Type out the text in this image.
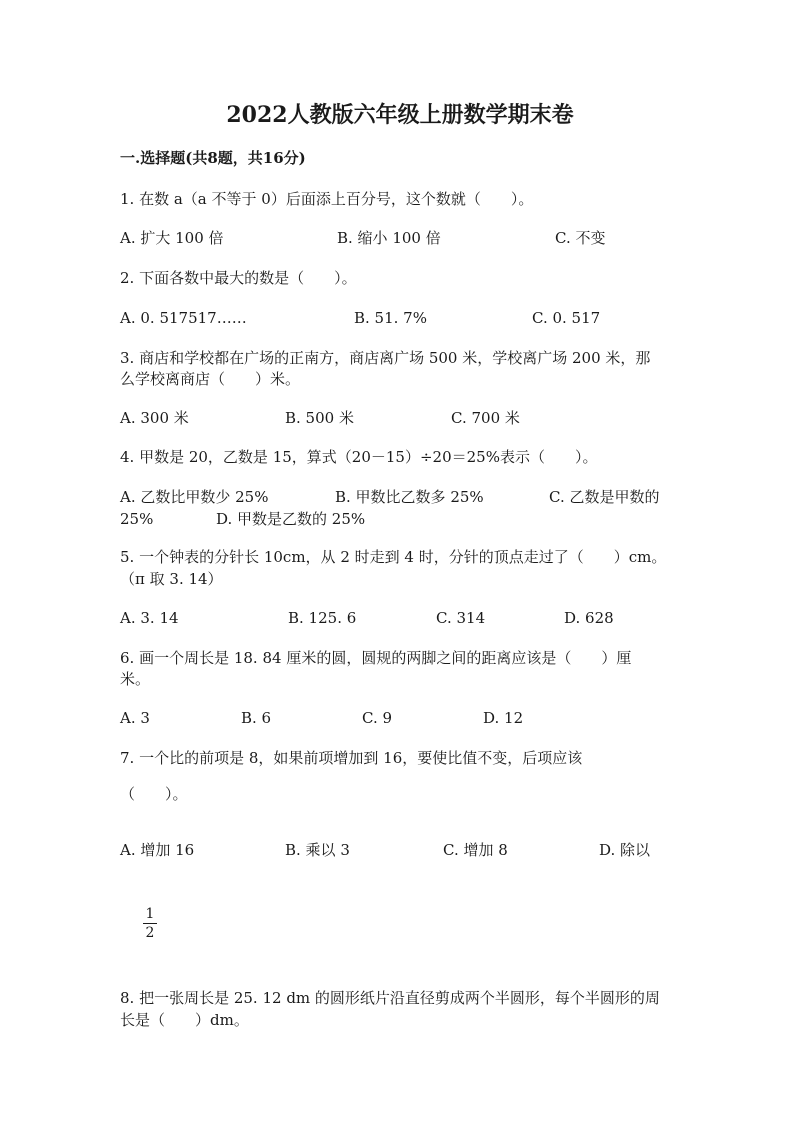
2022人教版六年级上册数学期末卷
一.选择题(共8题，共16分)
1. 在数 a（a 不等于 0）后面添上百分号，这个数就（　　）。
A. 扩大 100 倍	B. 缩小 100 倍	C. 不变
2. 下面各数中最大的数是（　　）。
A. 0. 517517……	B. 51. 7%	C. 0. 517
3. 商店和学校都在广场的正南方，商店离广场 500 米，学校离广场 200 米，那
么学校离商店（　　）米。
A. 300 米	B. 500 米	C. 700 米
4. 甲数是 20，乙数是 15，算式（20－15）÷20＝25%表示（　　）。
A. 乙数比甲数少 25%	B. 甲数比乙数多 25%	C. 乙数是甲数的
25%	D. 甲数是乙数的 25%
5. 一个钟表的分针长 10cm，从 2 时走到 4 时，分针的顶点走过了（　　）cm。
（π 取 3. 14）
A. 3. 14	B. 125. 6	C. 314	D. 628
6. 画一个周长是 18. 84 厘米的圆，圆规的两脚之间的距离应该是（　　）厘
米。
A. 3	B. 6	C. 9	D. 12
7. 一个比的前项是 8，如果前项增加到 16，要使比值不变，后项应该
（　　）。
A. 增加 16	B. 乘以 3	C. 增加 8	D. 除以
1
2
8. 把一张周长是 25. 12 dm 的圆形纸片沿直径剪成两个半圆形，每个半圆形的周
长是（　　）dm。
